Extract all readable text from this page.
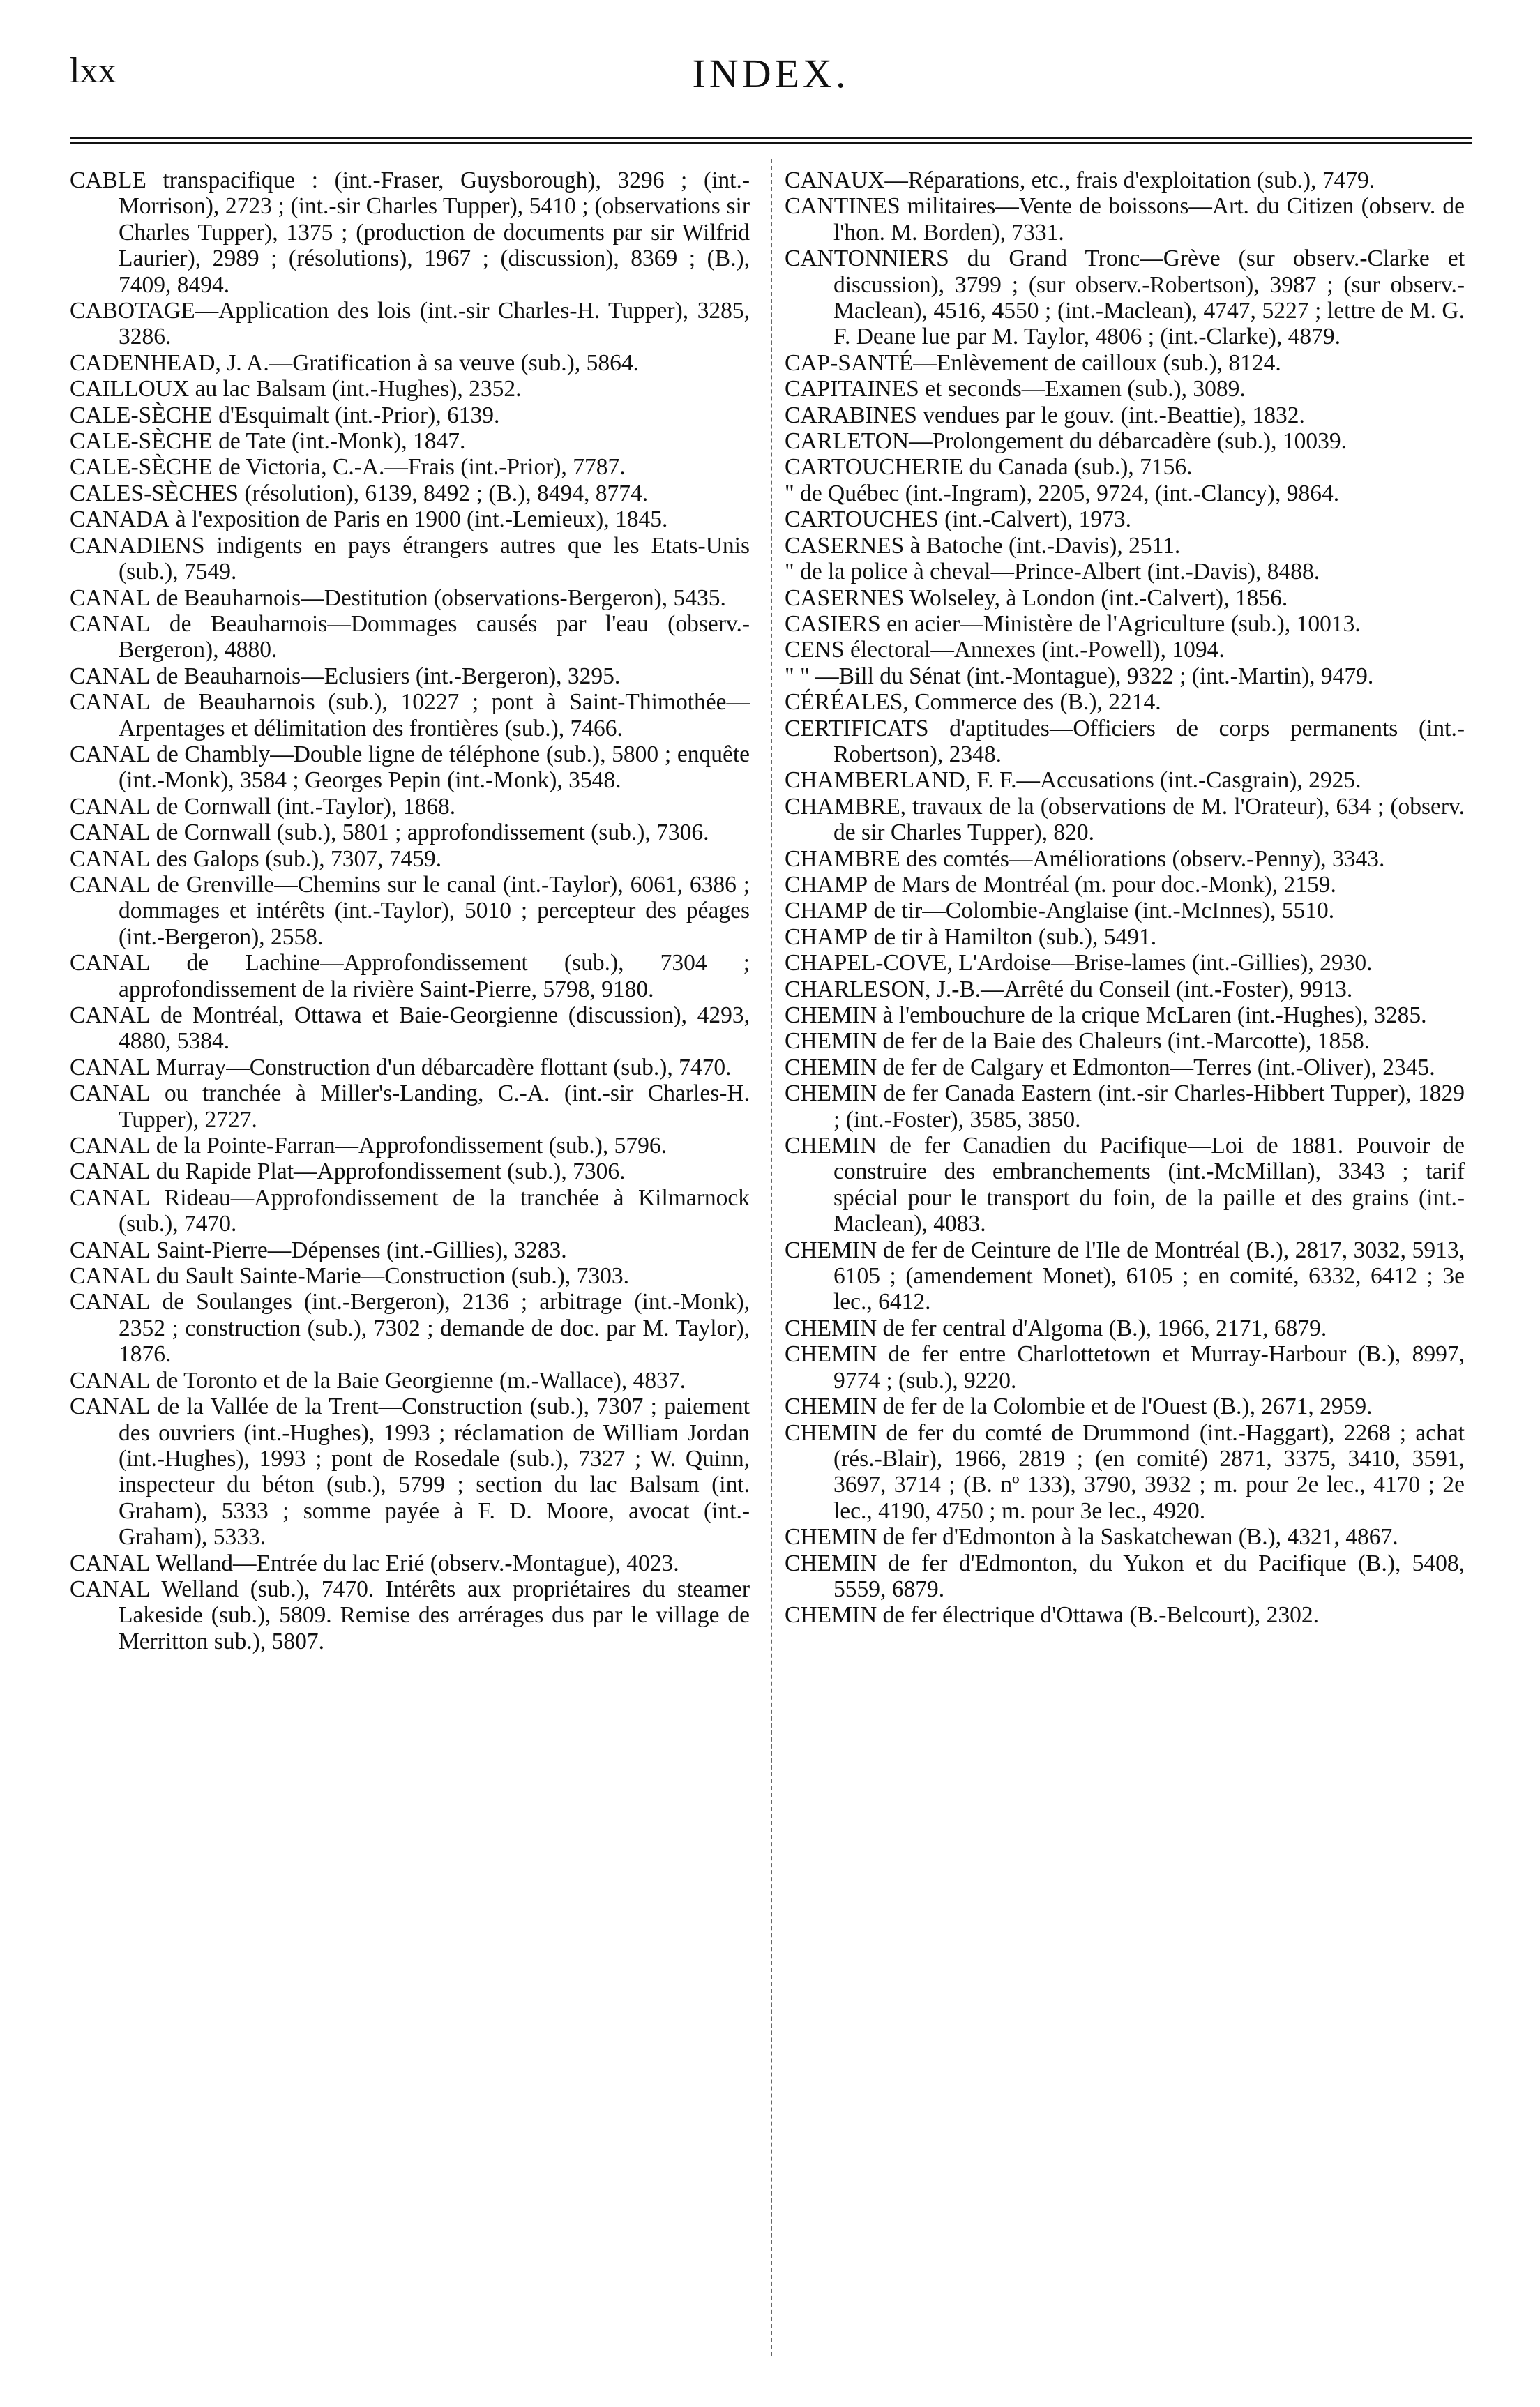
lxx	INDEX.

CABLE transpacifique : (int.-Fraser, Guysborough), 3296 ; (int.-Morrison), 2723 ; (int.-sir Charles Tupper), 5410 ; (observations sir Charles Tupper), 1375 ; (production de documents par sir Wilfrid Laurier), 2989 ; (résolutions), 1967 ; (discussion), 8369 ; (B.), 7409, 8494.

CABOTAGE—Application des lois (int.-sir Charles-H. Tupper), 3285, 3286.

CADENHEAD, J. A.—Gratification à sa veuve (sub.), 5864.

CAILLOUX au lac Balsam (int.-Hughes), 2352.

CALE-SÈCHE d'Esquimalt (int.-Prior), 6139.

CALE-SÈCHE de Tate (int.-Monk), 1847.

CALE-SÈCHE de Victoria, C.-A.—Frais (int.-Prior), 7787.

CALES-SÈCHES (résolution), 6139, 8492 ; (B.), 8494, 8774.

CANADA à l'exposition de Paris en 1900 (int.-Lemieux), 1845.

CANADIENS indigents en pays étrangers autres que les Etats-Unis (sub.), 7549.

CANAL de Beauharnois—Destitution (observations-Bergeron), 5435.

CANAL de Beauharnois—Dommages causés par l'eau (observ.-Bergeron), 4880.

CANAL de Beauharnois—Eclusiers (int.-Bergeron), 3295.

CANAL de Beauharnois (sub.), 10227 ; pont à Saint-Thimothée—Arpentages et délimitation des frontières (sub.), 7466.

CANAL de Chambly—Double ligne de téléphone (sub.), 5800 ; enquête (int.-Monk), 3584 ; Georges Pepin (int.-Monk), 3548.

CANAL de Cornwall (int.-Taylor), 1868.

CANAL de Cornwall (sub.), 5801 ; approfondissement (sub.), 7306.

CANAL des Galops (sub.), 7307, 7459.

CANAL de Grenville—Chemins sur le canal (int.-Taylor), 6061, 6386 ; dommages et intérêts (int.-Taylor), 5010 ; percepteur des péages (int.-Bergeron), 2558.

CANAL de Lachine—Approfondissement (sub.), 7304 ; approfondissement de la rivière Saint-Pierre, 5798, 9180.

CANAL de Montréal, Ottawa et Baie-Georgienne (discussion), 4293, 4880, 5384.

CANAL Murray—Construction d'un débarcadère flottant (sub.), 7470.

CANAL ou tranchée à Miller's-Landing, C.-A. (int.-sir Charles-H. Tupper), 2727.

CANAL de la Pointe-Farran—Approfondissement (sub.), 5796.

CANAL du Rapide Plat—Approfondissement (sub.), 7306.

CANAL Rideau—Approfondissement de la tranchée à Kilmarnock (sub.), 7470.

CANAL Saint-Pierre—Dépenses (int.-Gillies), 3283.

CANAL du Sault Sainte-Marie—Construction (sub.), 7303.

CANAL de Soulanges (int.-Bergeron), 2136 ; arbitrage (int.-Monk), 2352 ; construction (sub.), 7302 ; demande de doc. par M. Taylor), 1876.

CANAL de Toronto et de la Baie Georgienne (m.-Wallace), 4837.

CANAL de la Vallée de la Trent—Construction (sub.), 7307 ; paiement des ouvriers (int.-Hughes), 1993 ; réclamation de William Jordan (int.-Hughes), 1993 ; pont de Rosedale (sub.), 7327 ; W. Quinn, inspecteur du béton (sub.), 5799 ; section du lac Balsam (int. Graham), 5333 ; somme payée à F. D. Moore, avocat (int.-Graham), 5333.

CANAL Welland—Entrée du lac Erié (observ.-Montague), 4023.

CANAL Welland (sub.), 7470. Intérêts aux propriétaires du steamer Lakeside (sub.), 5809. Remise des arrérages dus par le village de Merritton sub.), 5807.

CANAUX—Réparations, etc., frais d'exploitation (sub.), 7479.

CANTINES militaires—Vente de boissons—Art. du Citizen (observ. de l'hon. M. Borden), 7331.

CANTONNIERS du Grand Tronc—Grève (sur observ.-Clarke et discussion), 3799 ; (sur observ.-Robertson), 3987 ; (sur observ.-Maclean), 4516, 4550 ; (int.-Maclean), 4747, 5227 ; lettre de M. G. F. Deane lue par M. Taylor, 4806 ; (int.-Clarke), 4879.

CAP-SANTÉ—Enlèvement de cailloux (sub.), 8124.

CAPITAINES et seconds—Examen (sub.), 3089.

CARABINES vendues par le gouv. (int.-Beattie), 1832.

CARLETON—Prolongement du débarcadère (sub.), 10039.

CARTOUCHERIE du Canada (sub.), 7156.

" de Québec (int.-Ingram), 2205, 9724, (int.-Clancy), 9864.

CARTOUCHES (int.-Calvert), 1973.

CASERNES à Batoche (int.-Davis), 2511.

" de la police à cheval—Prince-Albert (int.-Davis), 8488.

CASERNES Wolseley, à London (int.-Calvert), 1856.

CASIERS en acier—Ministère de l'Agriculture (sub.), 10013.

CENS électoral—Annexes (int.-Powell), 1094.

" " —Bill du Sénat (int.-Montague), 9322 ; (int.-Martin), 9479.

CÉRÉALES, Commerce des (B.), 2214.

CERTIFICATS d'aptitudes—Officiers de corps permanents (int.-Robertson), 2348.

CHAMBERLAND, F. F.—Accusations (int.-Casgrain), 2925.

CHAMBRE, travaux de la (observations de M. l'Orateur), 634 ; (observ. de sir Charles Tupper), 820.

CHAMBRE des comtés—Améliorations (observ.-Penny), 3343.

CHAMP de Mars de Montréal (m. pour doc.-Monk), 2159.

CHAMP de tir—Colombie-Anglaise (int.-McInnes), 5510.

CHAMP de tir à Hamilton (sub.), 5491.

CHAPEL-COVE, L'Ardoise—Brise-lames (int.-Gillies), 2930.

CHARLESON, J.-B.—Arrêté du Conseil (int.-Foster), 9913.

CHEMIN à l'embouchure de la crique McLaren (int.-Hughes), 3285.

CHEMIN de fer de la Baie des Chaleurs (int.-Marcotte), 1858.

CHEMIN de fer de Calgary et Edmonton—Terres (int.-Oliver), 2345.

CHEMIN de fer Canada Eastern (int.-sir Charles-Hibbert Tupper), 1829 ; (int.-Foster), 3585, 3850.

CHEMIN de fer Canadien du Pacifique—Loi de 1881. Pouvoir de construire des embranchements (int.-McMillan), 3343 ; tarif spécial pour le transport du foin, de la paille et des grains (int.-Maclean), 4083.

CHEMIN de fer de Ceinture de l'Ile de Montréal (B.), 2817, 3032, 5913, 6105 ; (amendement Monet), 6105 ; en comité, 6332, 6412 ; 3e lec., 6412.

CHEMIN de fer central d'Algoma (B.), 1966, 2171, 6879.

CHEMIN de fer entre Charlottetown et Murray-Harbour (B.), 8997, 9774 ; (sub.), 9220.

CHEMIN de fer de la Colombie et de l'Ouest (B.), 2671, 2959.

CHEMIN de fer du comté de Drummond (int.-Haggart), 2268 ; achat (rés.-Blair), 1966, 2819 ; (en comité) 2871, 3375, 3410, 3591, 3697, 3714 ; (B. nº 133), 3790, 3932 ; m. pour 2e lec., 4170 ; 2e lec., 4190, 4750 ; m. pour 3e lec., 4920.

CHEMIN de fer d'Edmonton à la Saskatchewan (B.), 4321, 4867.

CHEMIN de fer d'Edmonton, du Yukon et du Pacifique (B.), 5408, 5559, 6879.

CHEMIN de fer électrique d'Ottawa (B.-Belcourt), 2302.
